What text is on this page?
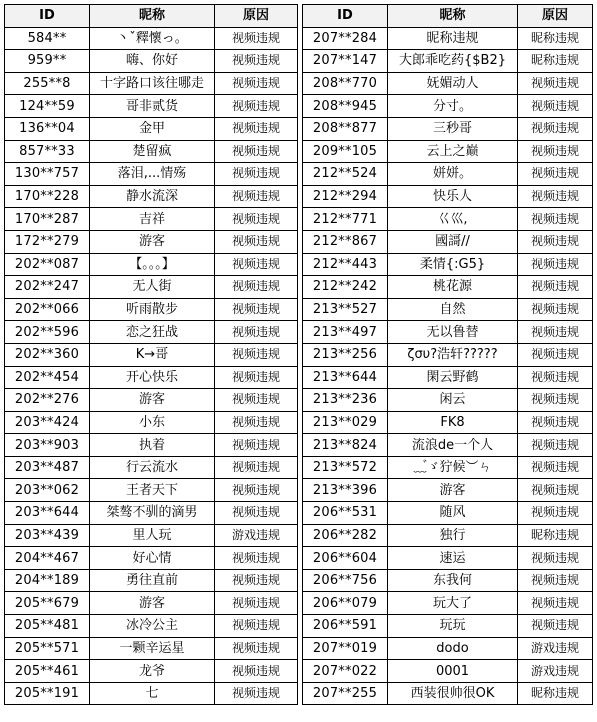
ID	昵称	原因
584**	丶ˇ釋懷っ。	视频违规
959**	嗨、你好	视频违规
255**8	十字路口该往哪走	视频违规
124**59	哥非贰货	视频违规
136**04	金甲	视频违规
857**33	楚留疯	视频违规
130**757	落泪,...情殇	视频违规
170**228	静水流深	视频违规
170**287	吉祥	视频违规
172**279	游客	视频违规
202**087	【。。。】	视频违规
202**247	无人街	视频违规
202**066	听雨散步	视频违规
202**596	恋之狂战	视频违规
202**360	K→哥	视频违规
202**454	开心快乐	视频违规
202**276	游客	视频违规
203**424	小东	视频违规
203**903	执着	视频违规
203**487	行云流水	视频违规
203**062	王者天下	视频违规
203**644	桀骜不驯的滴男	视频违规
203**439	里人玩	游戏违规
204**467	好心情	视频违规
204**189	勇往直前	视频违规
205**679	游客	视频违规
205**481	冰冷公主	视频违规
205**571	一颗辛运星	视频违规
205**461	龙爷	视频违规
205**191	七	视频违规
ID	昵称	原因
207**284	昵称违规	昵称违规
207**147	大郎乖吃药{$B2}	昵称违规
208**770	妩媚动人	视频违规
208**945	分寸。	视频违规
208**877	三秒哥	视频违规
209**105	云上之巅	视频违规
212**524	姘姘。	视频违规
212**294	快乐人	视频违规
212**771	巜巛,	视频违规
212**867	國謌//	视频违规
212**443	柔情{:G5}	视频违规
212**242	桃花源	视频违规
213**527	自然	视频违规
213**497	无以鲁替	视频违规
213**256	ζσυ?浩轩?????	视频违规
213**644	閑云野鹤	视频违规
213**236	闲云	视频违规
213**029	FK8	视频违规
213**824	流浪de一个人	视频违规
213**572	﹏゙ゞ狞候︶ㄣ	视频违规
213**396	游客	视频违规
206**531	随风	视频违规
206**282	独行	昵称违规
206**604	速运	视频违规
206**756	东我何	视频违规
206**079	玩大了	视频违规
206**591	玩玩	视频违规
207**019	dodo	游戏违规
207**022	0001	游戏违规
207**255	西装很帅很OK	昵称违规
